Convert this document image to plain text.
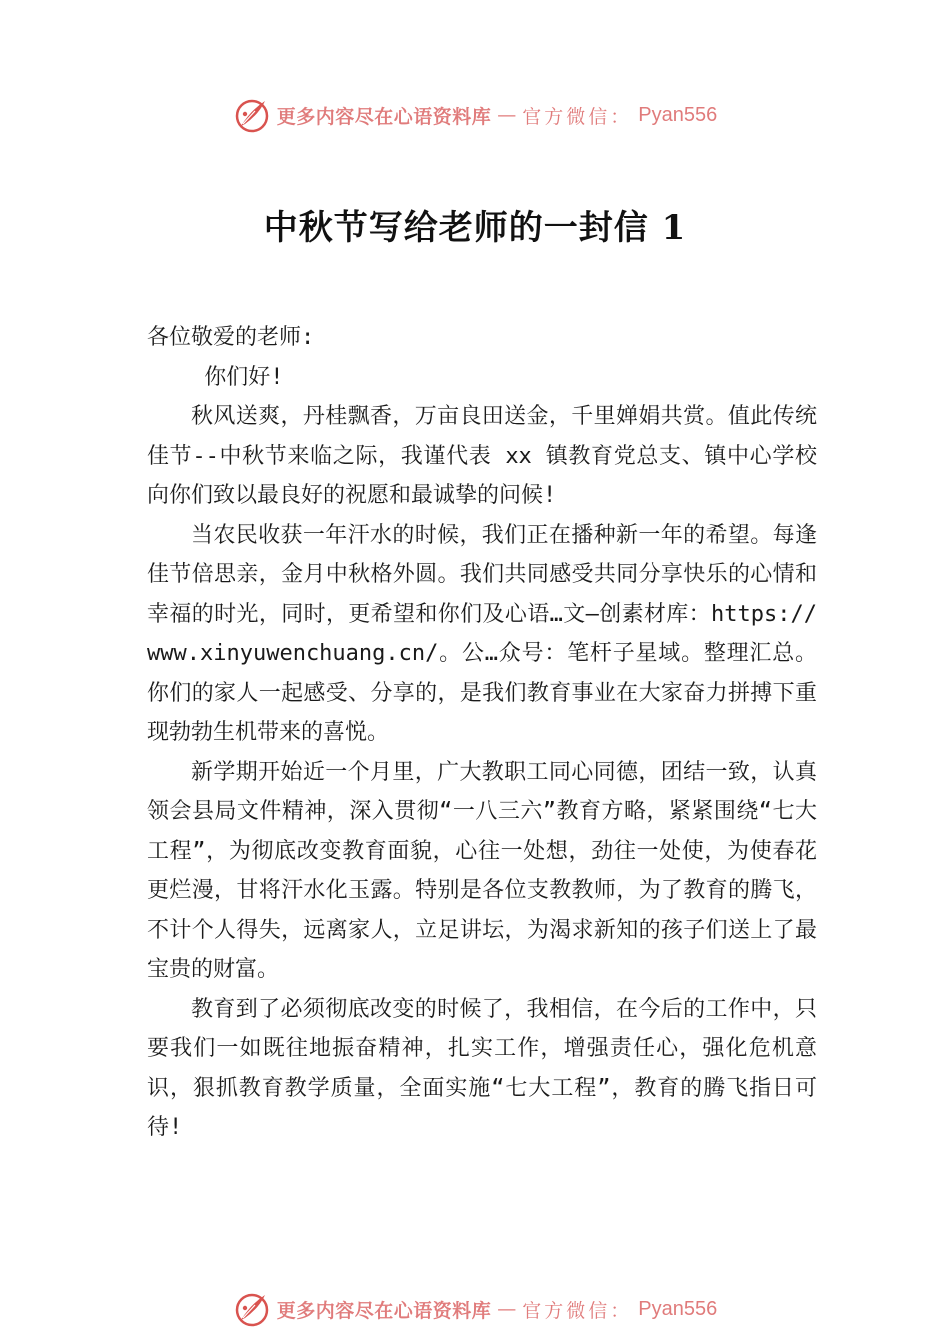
更多内容尽在心语资料库 — 官方微信： Pyan556
中秋节写给老师的一封信 1

各位敬爱的老师:

你们好!

秋风送爽，丹桂飘香，万亩良田送金，千里婵娟共赏。值此传统佳节--中秋节来临之际，我谨代表 xx 镇教育党总支、镇中心学校向你们致以最良好的祝愿和最诚挚的问候!

当农民收获一年汗水的时候，我们正在播种新一年的希望。每逢佳节倍思亲，金月中秋格外圆。我们共同感受共同分享快乐的心情和幸福的时光，同时，更希望和你们及心语…文—创素材库：https://www.xinyuwenchuang.cn/。公…众号：笔杆子星域。整理汇总。你们的家人一起感受、分享的，是我们教育事业在大家奋力拼搏下重现勃勃生机带来的喜悦。

新学期开始近一个月里，广大教职工同心同德，团结一致，认真领会县局文件精神，深入贯彻“一八三六”教育方略，紧紧围绕“七大工程”，为彻底改变教育面貌，心往一处想，劲往一处使，为使春花更烂漫，甘将汗水化玉露。特别是各位支教教师，为了教育的腾飞，不计个人得失，远离家人，立足讲坛，为渴求新知的孩子们送上了最宝贵的财富。

教育到了必须彻底改变的时候了，我相信，在今后的工作中，只要我们一如既往地振奋精神，扎实工作，增强责任心，强化危机意识，狠抓教育教学质量，全面实施“七大工程”，教育的腾飞指日可待!

更多内容尽在心语资料库 — 官方微信： Pyan556
